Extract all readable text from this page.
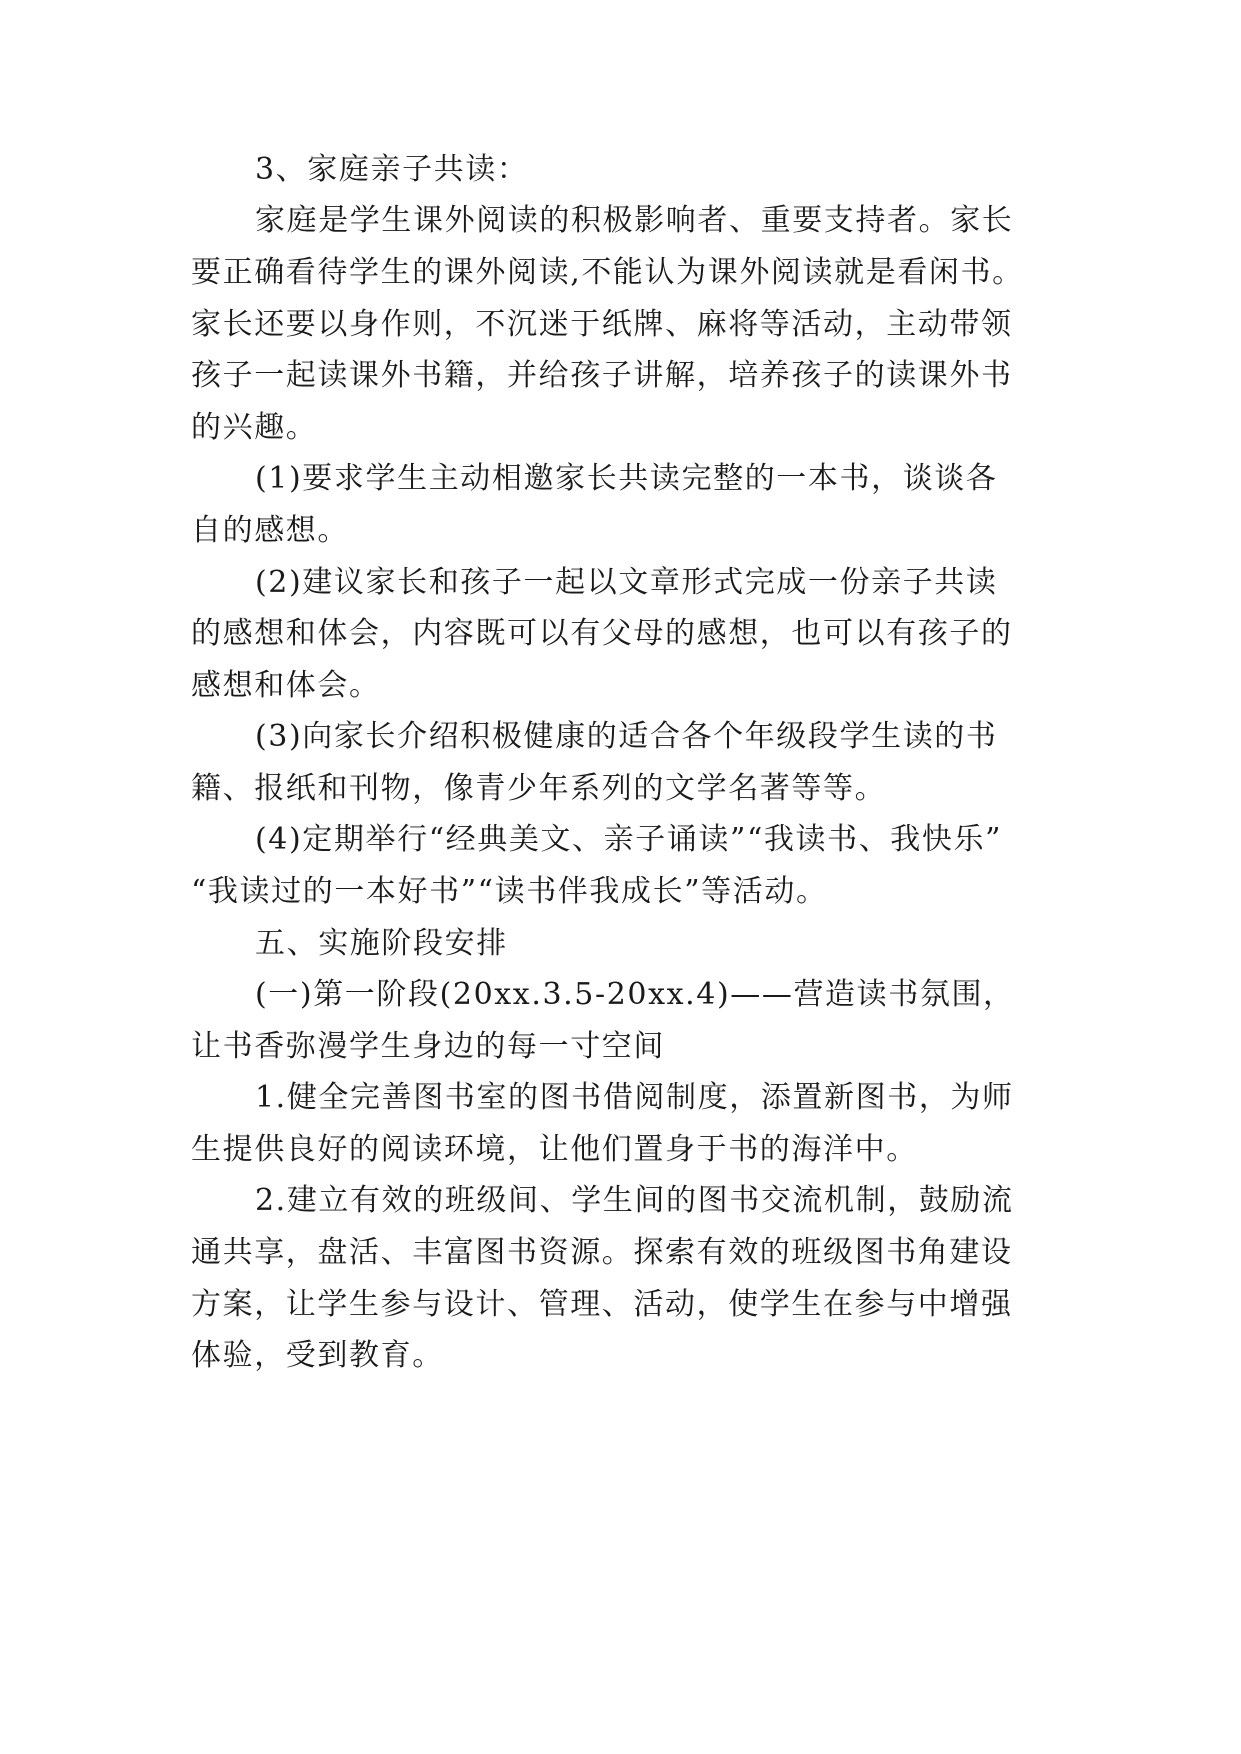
3、家庭亲子共读：
家庭是学生课外阅读的积极影响者、重要支持者。家长
要正确看待学生的课外阅读,不能认为课外阅读就是看闲书。
家长还要以身作则，不沉迷于纸牌、麻将等活动，主动带领
孩子一起读课外书籍，并给孩子讲解，培养孩子的读课外书
的兴趣。
(1)要求学生主动相邀家长共读完整的一本书，谈谈各
自的感想。
(2)建议家长和孩子一起以文章形式完成一份亲子共读
的感想和体会，内容既可以有父母的感想，也可以有孩子的
感想和体会。
(3)向家长介绍积极健康的适合各个年级段学生读的书
籍、报纸和刊物，像青少年系列的文学名著等等。
(4)定期举行“经典美文、亲子诵读”“我读书、我快乐”
“我读过的一本好书”“读书伴我成长”等活动。
五、实施阶段安排
(一)第一阶段(20xx.3.5-20xx.4)——营造读书氛围，
让书香弥漫学生身边的每一寸空间
1.健全完善图书室的图书借阅制度，添置新图书，为师
生提供良好的阅读环境，让他们置身于书的海洋中。
2.建立有效的班级间、学生间的图书交流机制，鼓励流
通共享，盘活、丰富图书资源。探索有效的班级图书角建设
方案，让学生参与设计、管理、活动，使学生在参与中增强
体验，受到教育。
